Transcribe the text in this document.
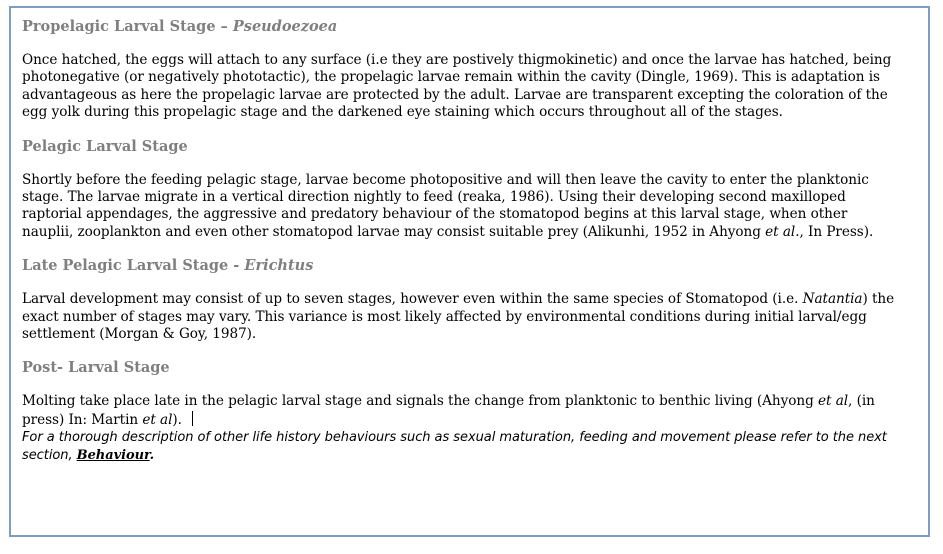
Propelagic Larval Stage – Pseudoezoea

Once hatched, the eggs will attach to any surface (i.e they are postively thigmokinetic) and once the larvae has hatched, being photonegative (or negatively phototactic), the propelagic larvae remain within the cavity (Dingle, 1969). This is adaptation is advantageous as here the propelagic larvae are protected by the adult. Larvae are transparent excepting the coloration of the egg yolk during this propelagic stage and the darkened eye staining which occurs throughout all of the stages.

Pelagic Larval Stage

Shortly before the feeding pelagic stage, larvae become photopositive and will then leave the cavity to enter the planktonic stage. The larvae migrate in a vertical direction nightly to feed (reaka, 1986). Using their developing second maxilloped raptorial appendages, the aggressive and predatory behaviour of the stomatopod begins at this larval stage, when other nauplii, zooplankton and even other stomatopod larvae may consist suitable prey (Alikunhi, 1952 in Ahyong et al., In Press).

Late Pelagic Larval Stage - Erichtus

Larval development may consist of up to seven stages, however even within the same species of Stomatopod (i.e. Natantia) the exact number of stages may vary. This variance is most likely affected by environmental conditions during initial larval/egg settlement (Morgan & Goy, 1987).

Post- Larval Stage

Molting take place late in the pelagic larval stage and signals the change from planktonic to benthic living (Ahyong et al, (in press) In: Martin et al).

For a thorough description of other life history behaviours such as sexual maturation, feeding and movement please refer to the next section, Behaviour.
